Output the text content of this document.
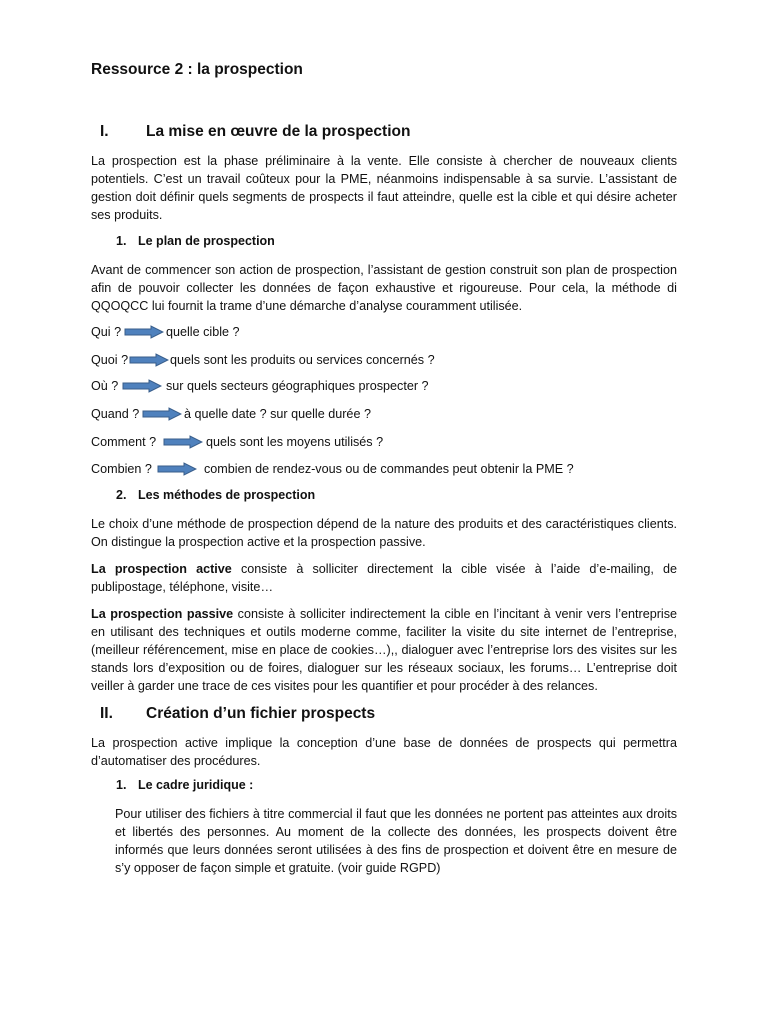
Ressource 2 : la prospection
I. La mise en œuvre de la prospection
La prospection est la phase préliminaire à la vente. Elle consiste à chercher de nouveaux clients potentiels. C’est un travail coûteux pour la PME, néanmoins indispensable à sa survie. L’assistant de gestion doit définir quels segments de prospects il faut atteindre, quelle est la cible et qui désire acheter ses produits.
1. Le plan de prospection
Avant de commencer son action de prospection, l’assistant de gestion construit son plan de prospection afin de pouvoir collecter les données de façon exhaustive et rigoureuse. Pour cela, la méthode di QQOQCC lui fournit la trame d’une démarche d’analyse couramment utilisée.
Qui ?	quelle cible ?
Quoi ?	quels sont les produits ou services concernés ?
Où ?	sur quels secteurs géographiques prospecter ?
Quand ?	à quelle date ? sur quelle durée ?
Comment ?	quels sont les moyens utilisés ?
Combien ?	combien de rendez-vous ou de commandes peut obtenir la PME ?
2. Les méthodes de prospection
Le choix d’une méthode de prospection dépend de la nature des produits et des caractéristiques clients. On distingue la prospection active et la prospection passive.
La prospection active consiste à solliciter directement la cible visée à l’aide d’e-mailing, de publipostage, téléphone, visite…
La prospection passive consiste à solliciter indirectement la cible en l’incitant à venir vers l’entreprise en utilisant des techniques et outils moderne comme, faciliter la visite du site internet de l’entreprise, (meilleur référencement, mise en place de cookies…),, dialoguer avec l’entreprise lors des visites sur les stands lors d’exposition ou de foires, dialoguer sur les réseaux sociaux, les forums… L’entreprise doit veiller à garder une trace de ces visites pour les quantifier et pour procéder à des relances.
II. Création d’un fichier prospects
La prospection active implique la conception d’une base de données de prospects qui permettra d’automatiser des procédures.
1. Le cadre juridique :
Pour utiliser des fichiers à titre commercial il faut que les données ne portent pas atteintes aux droits et libertés des personnes. Au moment de la collecte des données, les prospects doivent être informés que leurs données seront utilisées à des fins de prospection et doivent être en mesure de s’y opposer de façon simple et gratuite. (voir guide RGPD)
